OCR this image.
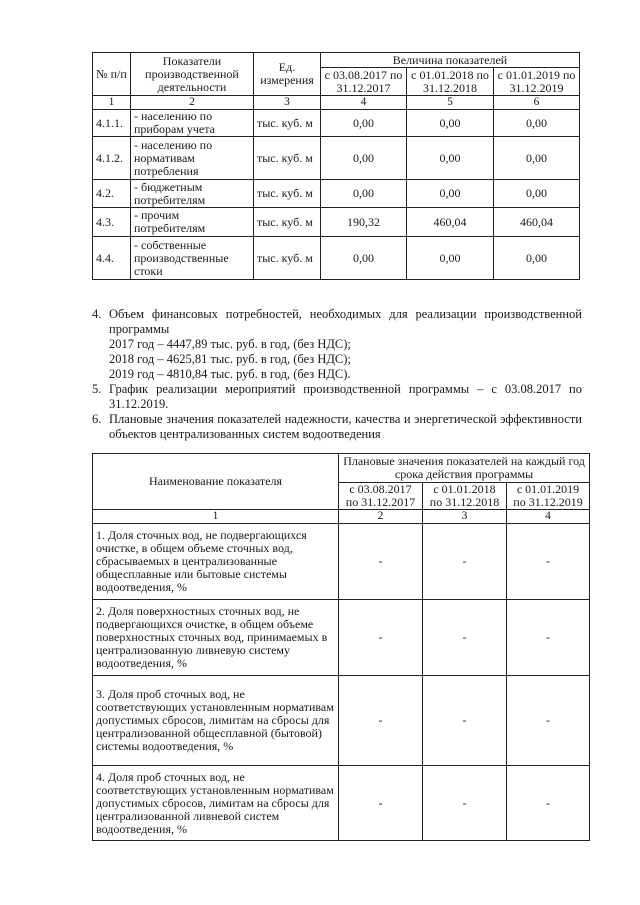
№ п/п	Показатели производственной деятельности	Ед. измерения	Величина показателей		
			с 03.08.2017 по 31.12.2017	с 01.01.2018 по 31.12.2018	с 01.01.2019 по 31.12.2019

1	2	3	4	5	6
4.1.1.	- населению по приборам учета	тыс. куб. м	0,00	0,00	0,00
4.1.2.	- населению по нормативам потребления	тыс. куб. м	0,00	0,00	0,00
4.2.	- бюджетным потребителям	тыс. куб. м	0,00	0,00	0,00
4.3.	- прочим потребителям	тыс. куб. м	190,32	460,04	460,04
4.4.	- собственные производственные стоки	тыс. куб. м	0,00	0,00	0,00
4. Объем финансовых потребностей, необходимых для реализации производственной программы
2017 год – 4447,89 тыс. руб. в год, (без НДС);
2018 год – 4625,81 тыс. руб. в год, (без НДС);
2019 год – 4810,84 тыс. руб. в год, (без НДС).
5. График реализации мероприятий производственной программы – с 03.08.2017 по 31.12.2019.
6. Плановые значения показателей надежности, качества и энергетической эффективности объектов централизованных систем водоотведения
Наименование показателя	Плановые значения показателей на каждый год срока действия программы		
	с 03.08.2017 по 31.12.2017	с 01.01.2018 по 31.12.2018	с 01.01.2019 по 31.12.2019
1	2	3	4
1. Доля сточных вод, не подвергающихся очистке, в общем объеме сточных вод, сбрасываемых в централизованные общесплавные или бытовые системы водоотведения, %	-	-	-
2. Доля поверхностных сточных вод, не подвергающихся очистке, в общем объеме поверхностных сточных вод, принимаемых в централизованную ливневую систему водоотведения, %	-	-	-
3. Доля проб сточных вод, не соответствующих установленным нормативам допустимых сбросов, лимитам на сбросы для централизованной общесплавной (бытовой) системы водоотведения, %	-	-	-
4. Доля проб сточных вод, не соответствующих установленным нормативам допустимых сбросов, лимитам на сбросы для централизованной ливневой систем водоотведения, %	-	-	-
